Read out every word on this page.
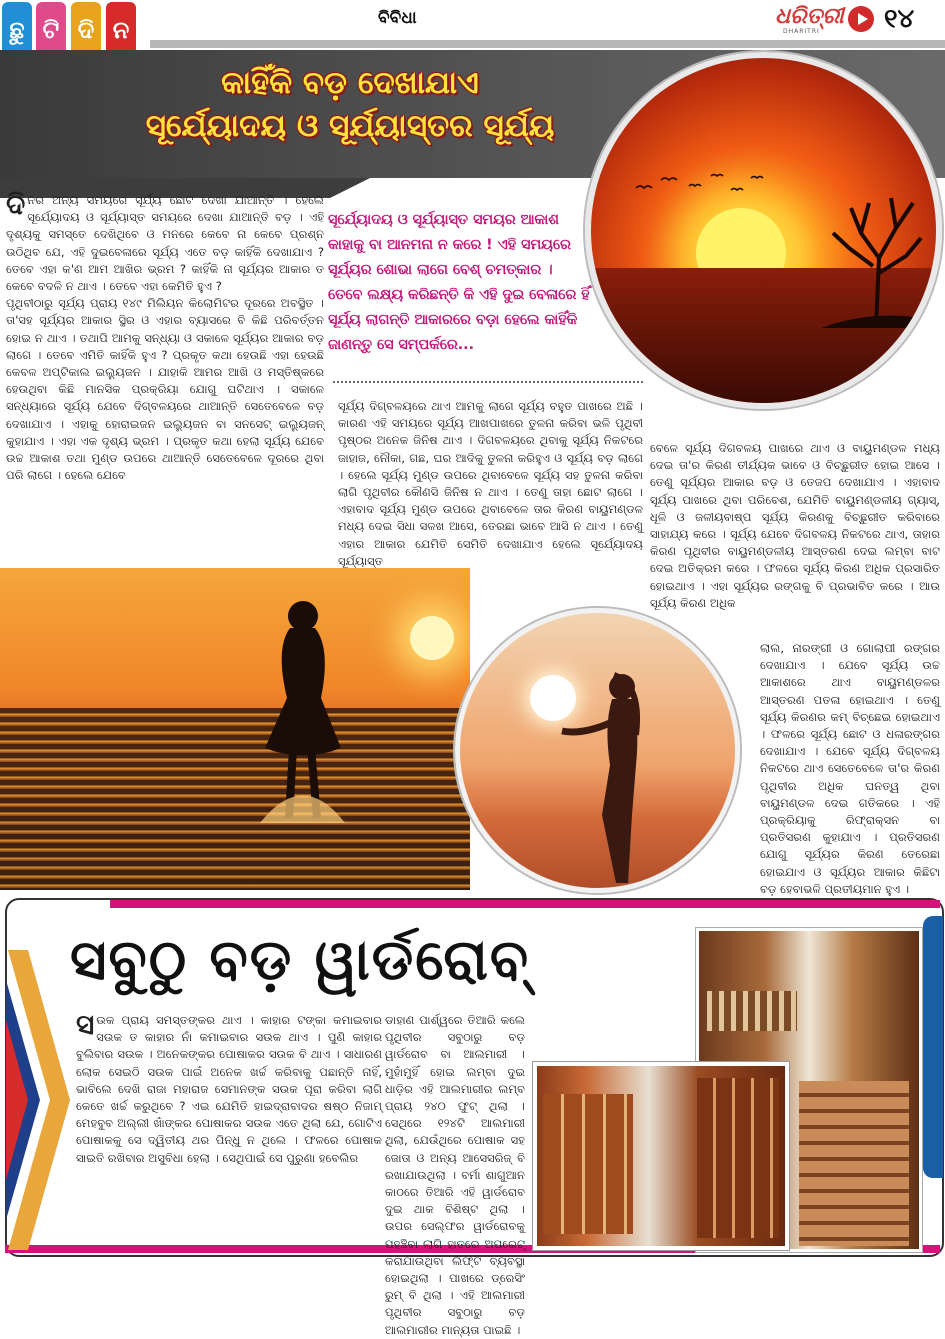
ଛୁ ଟି ଦି ନ	ବିବିଧା	ଧରିତ୍ରୀ
DHARITRI ୧୪
କାହିଁକି ବଡ଼ ଦେଖାଯାଏ
ସୂର୍ଯ୍ୟୋଦୟ ଓ ସୂର୍ଯ୍ୟାସ୍ତର ସୂର୍ଯ୍ୟ

ଦିନର ଅନ୍ୟ ସମୟରେ ସୂର୍ଯ୍ୟ ଛୋଟ ଦେଖା ଯାଆନ୍ତି । ହେଲେ ସୂର୍ଯ୍ୟୋଦୟ ଓ ସୂର୍ଯ୍ୟାସ୍ତ ସମୟରେ ଦେଖା ଯାଆନ୍ତି ବଡ଼ । ଏହି ଦୃଶ୍ୟକୁ ସମସ୍ତେ ଦେଖିଥିବେ ଓ ମନରେ କେବେ ନା କେବେ ପ୍ରଶ୍ନ ଉଠିଥିବ ଯେ, ଏହି ଦୁଇବେଳାରେ ସୂର୍ଯ୍ୟ ଏତେ ବଡ଼ କାହିଁକି ଦେଖାଯାଏ ? ତେବେ ଏହା କ'ଣ ଆମ ଆଖିର ଭ୍ରମ ? କାହିଁକି ନା ସୂର୍ଯ୍ୟର ଆକାର ତ କେବେ ବଦଳି ନ ଥାଏ । ତେବେ ଏହା କେମିତି ହୁଏ ?

ପୃଥିବୀଠାରୁ ସୂର୍ଯ୍ୟ ପ୍ରାୟ ୧୪୯ ମିଲିୟନ କିଲୋମିଟର ଦୂରରେ ଅବସ୍ଥିତ । ତା'ସହ ସୂର୍ଯ୍ୟର ଆକାର ସ୍ଥିର ଓ ଏହାର ବ୍ୟାସରେ ବି କିଛି ପରିବର୍ତ୍ତନ ହୋଇ ନ ଥାଏ । ତଥାପି ଆମକୁ ସନ୍ଧ୍ୟା ଓ ସକାଳେ ସୂର୍ଯ୍ୟର ଆକାର ବଡ଼ ଲାଗେ । ତେବେ ଏମିତି କାହିଁକି ହୁଏ ? ପ୍ରକୃତ କଥା ହେଉଛି ଏହା ହେଉଛି କେବଳ ଅପ୍ଟିକାଲ ଇଲ୍ୟୁଜନ । ଯାହାକି ଆମର ଆଖି ଓ ମସ୍ତିଷ୍କରେ ହେଉଥିବା କିଛି ମାନସିକ ପ୍ରକ୍ରିୟା ଯୋଗୁ ଘଟିଥାଏ । ସକାଳେ ସନ୍ଧ୍ୟାରେ ସୂର୍ଯ୍ୟ ଯେବେ ଦିଗ୍ବଳୟରେ ଥାଆନ୍ତି ସେତେବେଳେ ବଡ଼ ଦେଖାଯାଏ । ଏହାକୁ ହୋରାଇଜନ ଇଲ୍ୟୁଜନ ବା ସନସେଟ୍ ଇଲ୍ୟୁଜନ୍ କୁହାଯାଏ । ଏହା ଏକ ଦୃଶ୍ୟ ଭ୍ରମ । ପ୍ରକୃତ କଥା ହେଲା ସୂର୍ଯ୍ୟ ଯେବେ ଉଚ୍ଚ ଆକାଶ ତଥା ମୁଣ୍ଡ ଉପରେ ଥାଆନ୍ତି ସେତେବେଳେ ଦୂରରେ ଥିବା ପରି ଲାଗେ । ହେଲେ ଯେବେ

ସୂର୍ଯ୍ୟୋଦୟ ଓ ସୂର୍ଯ୍ୟାସ୍ତ ସମୟର ଆକାଶ କାହାକୁ ବା ଆନମନା ନ କରେ ! ଏହି ସମୟରେ ସୂର୍ଯ୍ୟର ଶୋଭା ଲାଗେ ବେଶ୍ ଚମତ୍କାର । ତେବେ ଲକ୍ଷ୍ୟ କରିଛନ୍ତି କି ଏହି ଦୁଇ ବେଳାରେ ହିଁ ସୂର୍ଯ୍ୟ ଲାଗନ୍ତି ଆକାରରେ ବଡ଼ା ହେଲେ କାହିଁକି ଜାଣନ୍ତୁ ସେ ସମ୍ପର୍କରେ...
ସୂର୍ଯ୍ୟ ଦିଗ୍ବଳୟରେ ଥାଏ ଆମକୁ ଲାଗେ ସୂର୍ଯ୍ୟ ବହୁତ ପାଖରେ ଅଛି । କାରଣ ଏହି ସମୟରେ ସୂର୍ଯ୍ୟ ଆଖପାଖରେ ତୁଳନା କରିବା ଭଳି ପୃଥିବୀ ପୃଷ୍ଠର ଅନେକ ଜିନିଷ ଥାଏ । ଦିଗବଳୟରେ ଥିବାକୁ ସୂର୍ଯ୍ୟ ନିକଟରେ ଜାହାଜ, ନୌକା, ଗଛ, ଘର ଆଦିକୁ ତୁଳନା କରିହୁଏ ଓ ସୂର୍ଯ୍ୟ ବଡ଼ ଲାଗେ । ହେଲେ ସୂର୍ଯ୍ୟ ମୁଣ୍ଡ ଉପରେ ଥିବାବେଳେ ସୂର୍ଯ୍ୟ ସହ ତୁଳନା କରିବା ଲାଗି ପୃଥିବୀର କୌଣସି ଜିନିଷ ନ ଥାଏ । ତେଣୁ ତାହା ଛୋଟ ଲାଗେ । ଏହାବାଦ ସୂର୍ଯ୍ୟ ମୁଣ୍ଡ ଉପରେ ଥିବାବେଳେ ତାର କିରଣ ବାୟୁମଣ୍ଡଳ ମଧ୍ୟ ଦେଇ ସିଧା ସଳଖ ଆସେ, ତେରଛା ଭାବେ ଆସି ନ ଥାଏ । ତେଣୁ ଏହାର ଆକାର ଯେମିତି ସେମିତି ଦେଖାଯାଏ ହେଲେ ସୂର୍ଯ୍ୟୋଦୟ ସୂର୍ଯ୍ୟାସ୍ତ
ବେଳେ ସୂର୍ଯ୍ୟ ଦିଗବଳୟ ପାଖରେ ଥାଏ ଓ ବାୟୁମଣ୍ଡଳ ମଧ୍ୟ ଦେଇ ତା'ର କିରଣ ତୀର୍ଯ୍ୟକ ଭାବେ ଓ ବିଚ୍ଛୁରୀତ ହୋଇ ଆସେ । ତେଣୁ ସୂର୍ଯ୍ୟର ଆକାର ବଡ଼ ଓ ତେଜପ ଦେଖାଯାଏ । ଏହାବାଦ ସୂର୍ଯ୍ୟ ପାଖରେ ଥିବା ପରିବେଶ, ଯେମିତି ବାୟୁମଣ୍ଡଳୀୟ ଗ୍ୟାସ୍, ଧୂଳି ଓ ଜଳୀୟବାଷ୍ପ ସୂର୍ଯ୍ୟ କିରଣକୁ ବିଚ୍ଛୁରୀତ କରିବାରେ ସାହାଯ୍ୟ କରେ । ସୂର୍ଯ୍ୟ ଯେବେ ଦିଗବଳୟ ନିକଟରେ ଥାଏ, ତାହାର କିରଣ ପୃଥିବୀର ବାୟୁମଣ୍ଡଳୀୟ ଆସ୍ତରଣ ଦେଇ ଲମ୍ବା ବାଟ ଦେଇ ଅତିକ୍ରମ କରେ । ଫଳରେ ସୂର୍ଯ୍ୟ କିରଣ ଅଧିକ ପ୍ରସାରିତ ହୋଇଥାଏ । ଏହା ସୂର୍ଯ୍ୟର ରଙ୍ଗକୁ ବି ପ୍ରଭାବିତ କରେ । ଆଉ ସୂର୍ଯ୍ୟ କିରଣ ଅଧିକ
ଲାଲ, ନାରଙ୍ଗୀ ଓ ଗୋଲାପୀ ରଙ୍ଗର ଦେଖାଯାଏ । ଯେବେ ସୂର୍ଯ୍ୟ ଉଚ୍ଚ ଆକାଶରେ ଥାଏ ବାୟୁମଣ୍ଡଳର ଆସ୍ତରଣ ପତଳା ହୋଇଥାଏ । ତେଣୁ ସୂର୍ଯ୍ୟ କିରଣର କମ୍ ବିଚ୍ଛେଇ ହୋଇଥାଏ । ଫଳରେ ସୂର୍ଯ୍ୟ ଛୋଟ ଓ ଧଳାରଙ୍ଗର ଦେଖାଯାଏ । ଯେବେ ସୂର୍ଯ୍ୟ ଦିଗ୍ବଳୟ ନିକଟରେ ଥାଏ ସେତେବେଳେ ତା'ର କିରଣ ପୃଥିବୀର ଅଧିକ ଘନତ୍ୱ ଥିବା ବାୟୁମଣ୍ଡଳ ଦେଇ ଗତିକରେ । ଏହି ପ୍ରକ୍ରିୟାକୁ ରିଫ୍ରାକ୍ସନ ବା ପ୍ରତିସରଣ କୁହାଯାଏ । ପ୍ରତିସରଣ ଯୋଗୁ ସୂର୍ଯ୍ୟର କିରଣ ତେରେଛା ହୋଇଯାଏ ଓ ସୂର୍ଯ୍ୟର ଆକାର କିଛିଟା ବଡ଼ ହେବାଭଳି ପ୍ରତୀୟମାନ ହୁଏ ।
ସବୁଠୁ ବଡ଼ ୱାର୍ଡରୋବ୍
ସଉକ ପ୍ରାୟ ସମସ୍ତଙ୍କର ଥାଏ । କାହାର ଟଙ୍କା କମାଇବାର ସଉକ ତ କାହାର ନାଁ କମାଇବାର ସଉକ ଥାଏ । ପୁଣି କାହାର ବୁଲିବାର ସଉକ । ଅନେକଙ୍କର ପୋଷାକର ସଉକ ବି ଥାଏ । ସାଧାରଣ ଲୋକ ସେଇଠି ସଉକ ପାଇଁ ଅନେକ ଖର୍ଚ୍ଚ କରିବାକୁ ପଛାନ୍ତି ନାହିଁ, ଭାବିଲେ ଦେଖି ରାଜା ମହାରାଜ ସେମାନଙ୍କ ସଉକ ପୂରା କରିବା ଲାଗି କେତେ ଖର୍ଚ୍ଚ କରୁଥିବେ ? ଏଇ ଯେମିତି ହାଇଦ୍ରାବାଦର ଷଷ୍ଠ ନିଜାମ୍ ମେହବୁବ ଅଲ୍ଲୀ ଖାଁଙ୍କର ପୋଷାକର ସଉକ ଏତେ ଥିଲା ଯେ, ଗୋଟିଏ ପୋଷାକକୁ ସେ ଦ୍ୱିତୀୟ ଥର ପିନ୍ଧୁ ନ ଥିଲେ । ଫଳରେ ପୋଷାକ ସାଇତି ରଖିବାର ଅସୁବିଧା ହେଲା । ସେଥିପାଇଁ ସେ ପୁରୁଣା ହବେଲିର
ଡାହାଣ ପାର୍ଶ୍ୱରେ ତିଆରି କଲେ ପୃଥିବୀର ସବୁଠାରୁ ବଡ଼ ୱାର୍ଡରୋବ ବା ଆଲମାରୀ । ମୁହାଁମୁହିଁ ହୋଇ ଲମ୍ବା ଦୁଇ ଧାଡ଼ିର ଏହି ଆଲମାରୀର ଲମ୍ବ ପ୍ରାୟ ୨୪୦ ଫୁଟ୍ ଥିଲା । ସେଥିରେ ୧୨୪ଟି ଆଲମାରୀ ଥିଲା, ଯେଉଁଥିରେ ପୋଷାକ ସହ ଜୋତା ଓ ଅନ୍ୟ ଆସେସରିଜ୍ ବି ରଖାଯାଉଥିଲା । ବର୍ମା ଶାଗୁଆନ କାଠରେ ତିଆରି ଏହି ୱାର୍ଡରୋବ ଦୁଇ ଥାକ ବିଶିଷ୍ଟ ଥିଲା । ଉପର ସେଲ୍ଫର ୱାର୍ଡରୋବକୁ ପହଞ୍ଚିବା ଲାଗି ହାତରେ ଅପରେଟ୍ କରାଯାଉଥିବା ଲିଫ୍ଟ ବ୍ୟବସ୍ଥା ହୋଇଥିଲା । ପାଖରେ ଡ୍ରେସିଂ ରୁମ୍ ବି ଥିଲା । ଏହି ଆଲମାରୀ ପୃଥିବୀର ସବୁଠାରୁ ବଡ଼ ଆଲମାରୀର ମାନ୍ୟତା ପାଇଛି ।
